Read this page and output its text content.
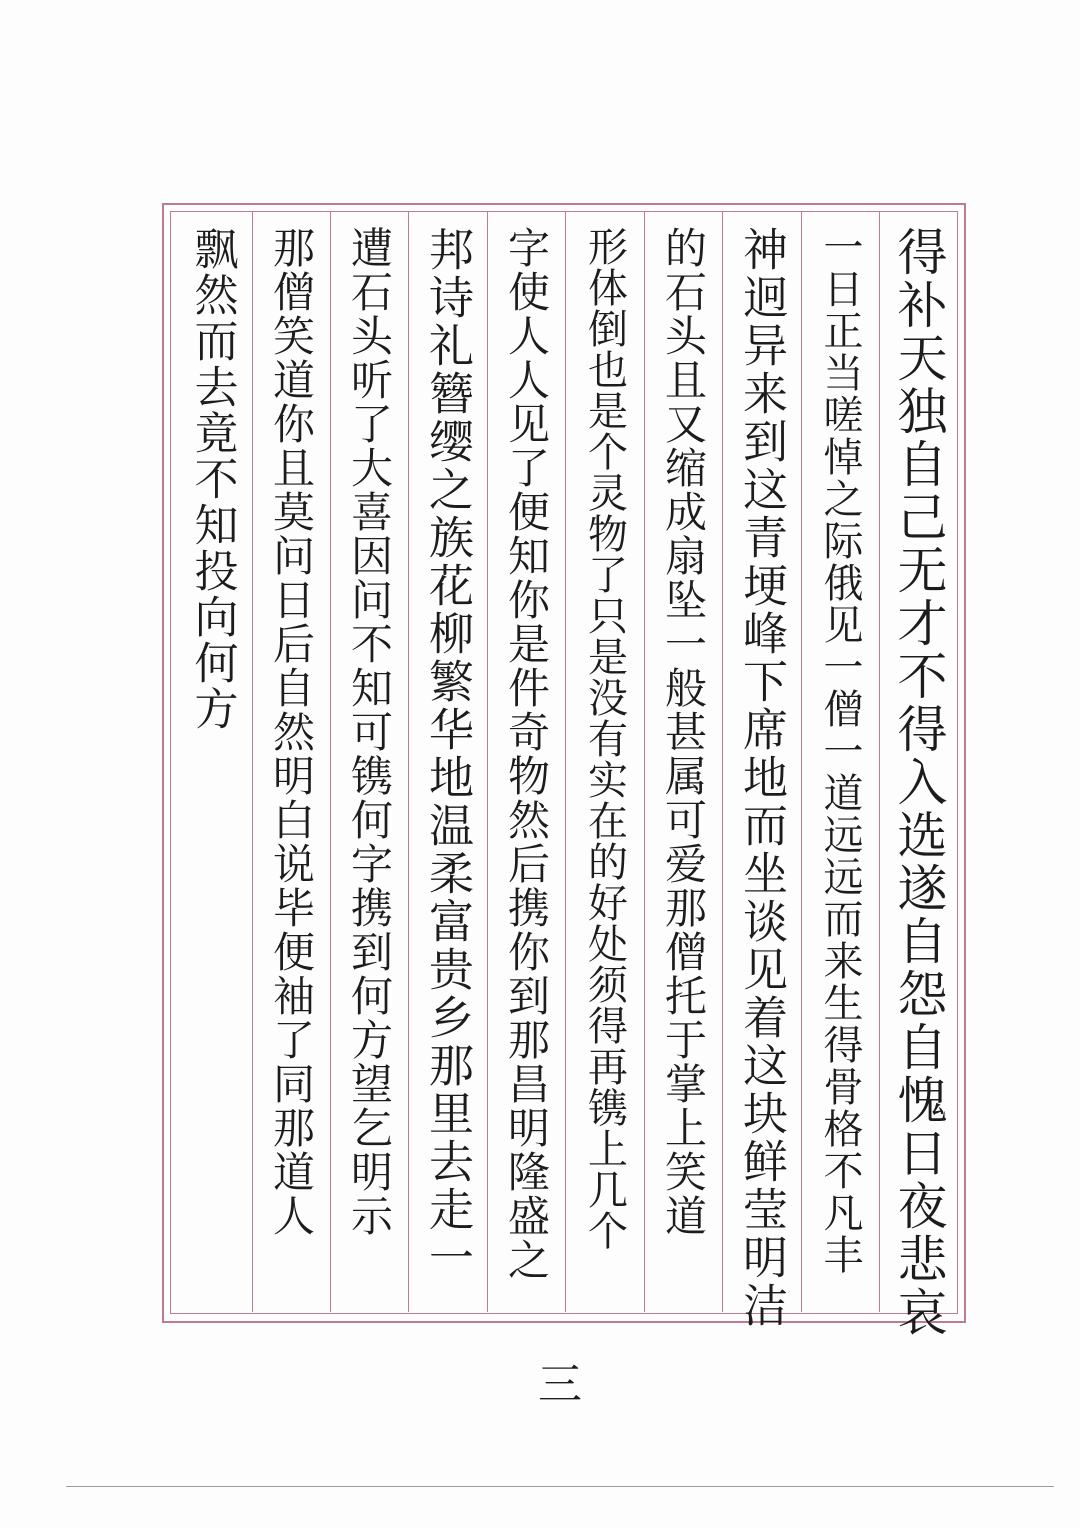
得补天独自己无才不得入选遂自怨自愧日夜悲哀
一日正当嗟悼之际俄见一僧一道远远而来生得骨格不凡丰
神迥异来到这青埂峰下席地而坐谈见着这块鲜莹明洁
的石头且又缩成扇坠一般甚属可爱那僧托于掌上笑道
形体倒也是个灵物了只是没有实在的好处须得再镌上几个
字使人人见了便知你是件奇物然后携你到那昌明隆盛之
邦诗礼簪缨之族花柳繁华地温柔富贵乡那里去走一
遭石头听了大喜因问不知可镌何字携到何方望乞明示
那僧笑道你且莫问日后自然明白说毕便袖了同那道人
飘然而去竟不知投向何方
三
